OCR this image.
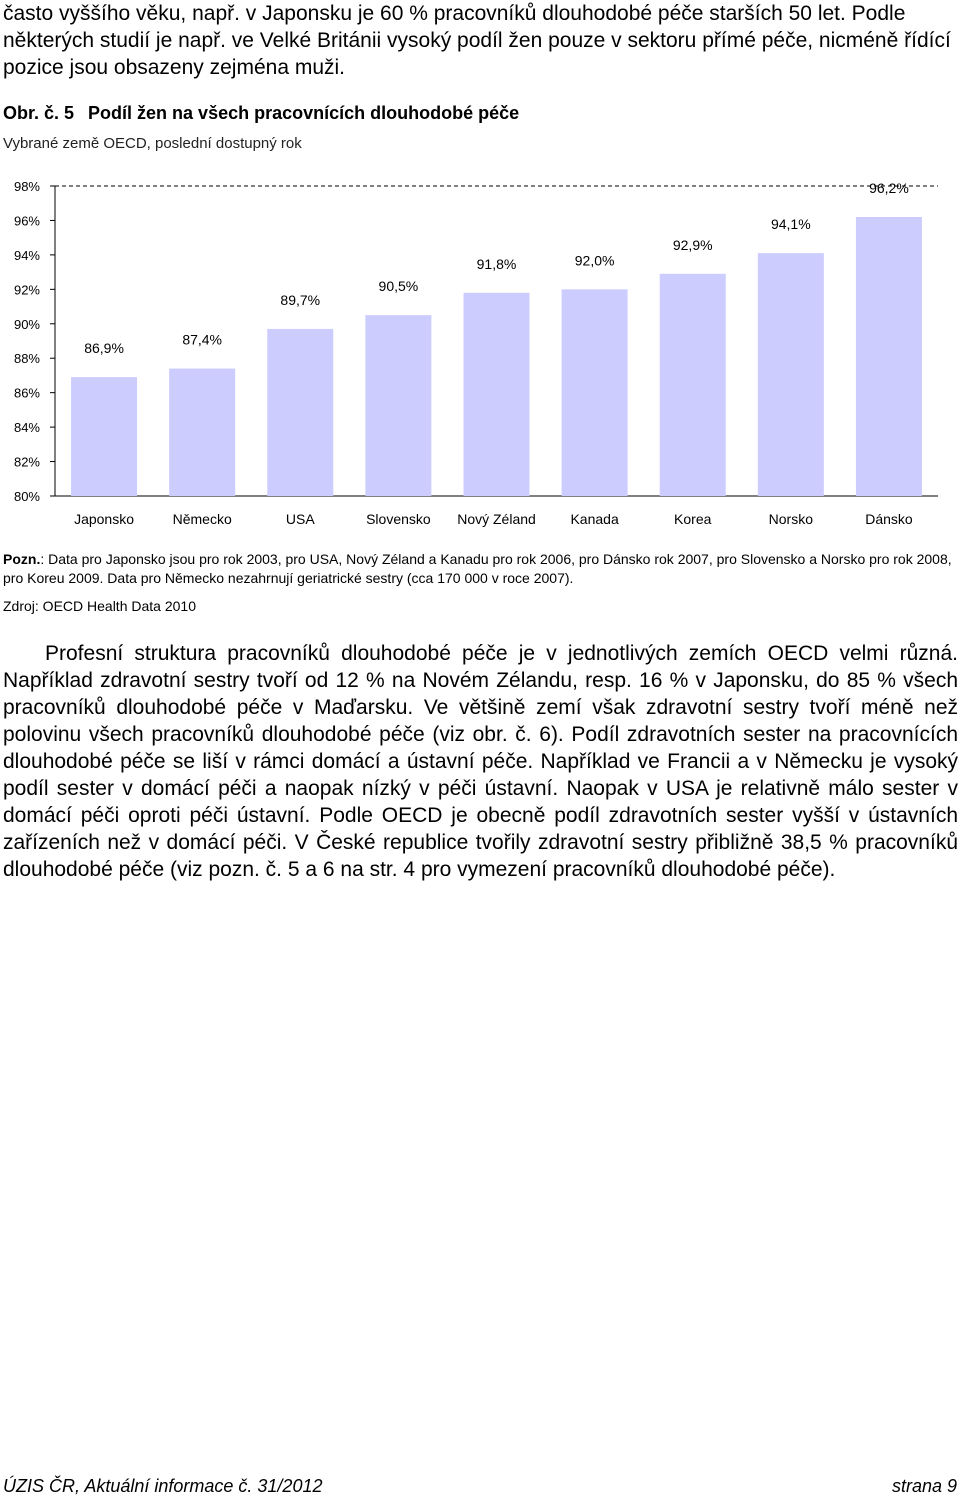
často vyššího věku, např. v Japonsku je 60 % pracovníků dlouhodobé péče starších 50 let. Podle některých studií je např. ve Velké Británii vysoký podíl žen pouze v sektoru přímé péče, nicméně řídící pozice jsou obsazeny zejména muži.

Obr. č. 5 Podíl žen na všech pracovnících dlouhodobé péče
Vybrané země OECD, poslední dostupný rok
80%
82%
84%
86%
88%
90%
92%
94%
96%
98%
86,9%
Japonsko
87,4%
Německo
89,7%
USA
90,5%
Slovensko
91,8%
Nový Zéland
92,0%
Kanada
92,9%
Korea
94,1%
Norsko
96,2%
Dánsko

Pozn.: Data pro Japonsko jsou pro rok 2003, pro USA, Nový Zéland a Kanadu pro rok 2006, pro Dánsko rok 2007, pro Slovensko a Norsko pro rok 2008, pro Koreu 2009. Data pro Německo nezahrnují geriatrické sestry (cca 170 000 v roce 2007).

Zdroj: OECD Health Data 2010

Profesní struktura pracovníků dlouhodobé péče je v jednotlivých zemích OECD velmi různá. Například zdravotní sestry tvoří od 12 % na Novém Zélandu, resp. 16 % v Japonsku, do 85 % všech pracovníků dlouhodobé péče v Maďarsku. Ve většině zemí však zdravotní sestry tvoří méně než polovinu všech pracovníků dlouhodobé péče (viz obr. č. 6). Podíl zdravotních sester na pracovnících dlouhodobé péče se liší v rámci domácí a ústavní péče. Například ve Francii a v Německu je vysoký podíl sester v domácí péči a naopak nízký v péči ústavní. Naopak v USA je relativně málo sester v domácí péči oproti péči ústavní. Podle OECD je obecně podíl zdravotních sester vyšší v ústavních zařízeních než v domácí péči. V České republice tvořily zdravotní sestry přibližně 38,5 % pracovníků dlouhodobé péče (viz pozn. č. 5 a 6 na str. 4 pro vymezení pracovníků dlouhodobé péče).

ÚZIS ČR, Aktuální informace č. 31/2012	strana 9
